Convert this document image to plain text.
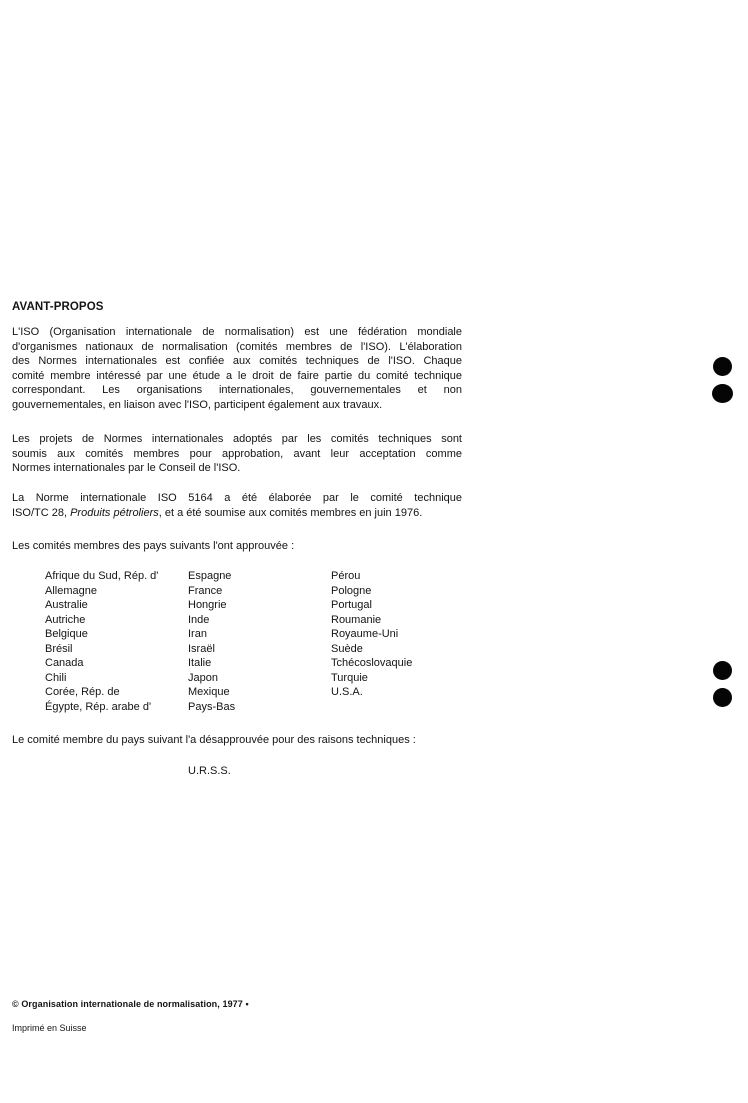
AVANT-PROPOS

L'ISO (Organisation internationale de normalisation) est une fédération mondiale
d'organismes nationaux de normalisation (comités membres de l'ISO). L'élaboration
des Normes internationales est confiée aux comités techniques de l'ISO. Chaque
comité membre intéressé par une étude a le droit de faire partie du comité technique
correspondant. Les organisations internationales, gouvernementales et non
gouvernementales, en liaison avec l'ISO, participent également aux travaux.

Les projets de Normes internationales adoptés par les comités techniques sont
soumis aux comités membres pour approbation, avant leur acceptation comme
Normes internationales par le Conseil de l'ISO.

La Norme internationale ISO 5164 a été élaborée par le comité technique
ISO/TC 28, Produits pétroliers, et a été soumise aux comités membres en juin 1976.

Les comités membres des pays suivants l'ont approuvée :

Afrique du Sud, Rép. d'
Allemagne
Australie
Autriche
Belgique
Brésil
Canada
Chili
Corée, Rép. de
Égypte, Rép. arabe d'
Espagne
France
Hongrie
Inde
Iran
Israël
Italie
Japon
Mexique
Pays-Bas
Pérou
Pologne
Portugal
Roumanie
Royaume-Uni
Suède
Tchécoslovaquie
Turquie
U.S.A.

Le comité membre du pays suivant l'a désapprouvée pour des raisons techniques :

U.R.S.S.
© Organisation internationale de normalisation, 1977 •
Imprimé en Suisse
